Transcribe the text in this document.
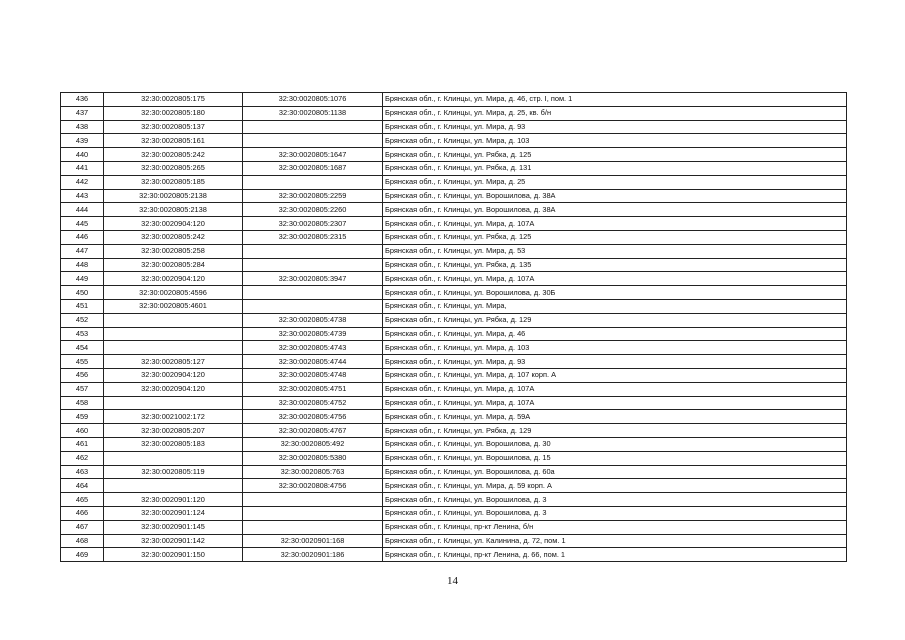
436	32:30:0020805:175	32:30:0020805:1076	Брянская обл., г. Клинцы, ул. Мира, д. 46, стр. I, пом. 1
437	32:30:0020805:180	32:30:0020805:1138	Брянская обл., г. Клинцы, ул. Мира, д. 25, кв. б/н
438	32:30:0020805:137		Брянская обл., г. Клинцы, ул. Мира, д. 93
439	32:30:0020805:161		Брянская обл., г. Клинцы, ул. Мира, д. 103
440	32:30:0020805:242	32:30:0020805:1647	Брянская обл., г. Клинцы, ул. Рябка, д. 125
441	32:30:0020805:265	32:30:0020805:1687	Брянская обл., г. Клинцы, ул. Рябка, д. 131
442	32:30:0020805:185		Брянская обл., г. Клинцы, ул. Мира, д. 25
443	32:30:0020805:2138	32:30:0020805:2259	Брянская обл., г. Клинцы, ул. Ворошилова, д. 38А
444	32:30:0020805:2138	32:30:0020805:2260	Брянская обл., г. Клинцы, ул. Ворошилова, д. 38А
445	32:30:0020904:120	32:30:0020805:2307	Брянская обл., г. Клинцы, ул. Мира, д. 107А
446	32:30:0020805:242	32:30:0020805:2315	Брянская обл., г. Клинцы, ул. Рябка, д. 125
447	32:30:0020805:258		Брянская обл., г. Клинцы, ул. Мира, д. 53
448	32:30:0020805:284		Брянская обл., г. Клинцы, ул. Рябка, д. 135
449	32:30:0020904:120	32:30:0020805:3947	Брянская обл., г. Клинцы, ул. Мира, д. 107А
450	32:30:0020805:4596		Брянская обл., г. Клинцы, ул. Ворошилова, д. 30Б
451	32:30:0020805:4601		Брянская обл., г. Клинцы, ул. Мира,
452		32:30:0020805:4738	Брянская обл., г. Клинцы, ул. Рябка, д. 129
453		32:30:0020805:4739	Брянская обл., г. Клинцы, ул. Мира, д. 46
454		32:30:0020805:4743	Брянская обл., г. Клинцы, ул. Мира, д. 103
455	32:30:0020805:127	32:30:0020805:4744	Брянская обл., г. Клинцы, ул. Мира, д. 93
456	32:30:0020904:120	32:30:0020805:4748	Брянская обл., г. Клинцы, ул. Мира, д. 107 корп. А
457	32:30:0020904:120	32:30:0020805:4751	Брянская обл., г. Клинцы, ул. Мира, д. 107А
458		32:30:0020805:4752	Брянская обл., г. Клинцы, ул. Мира, д. 107А
459	32:30:0021002:172	32:30:0020805:4756	Брянская обл., г. Клинцы, ул. Мира, д. 59А
460	32:30:0020805:207	32:30:0020805:4767	Брянская обл., г. Клинцы, ул. Рябка, д. 129
461	32:30:0020805:183	32:30:0020805:492	Брянская обл., г. Клинцы, ул. Ворошилова, д. 30
462		32:30:0020805:5380	Брянская обл., г. Клинцы, ул. Ворошилова, д. 15
463	32:30:0020805:119	32:30:0020805:763	Брянская обл., г. Клинцы, ул. Ворошилова, д. 60а
464		32:30:0020808:4756	Брянская обл., г. Клинцы, ул. Мира, д. 59 корп. А
465	32:30:0020901:120		Брянская обл., г. Клинцы, ул. Ворошилова, д. 3
466	32:30:0020901:124		Брянская обл., г. Клинцы, ул. Ворошилова, д. 3
467	32:30:0020901:145		Брянская обл., г. Клинцы, пр-кт Ленина, б/н
468	32:30:0020901:142	32:30:0020901:168	Брянская обл., г. Клинцы, ул. Калинина, д. 72, пом. 1
469	32:30:0020901:150	32:30:0020901:186	Брянская обл., г. Клинцы, пр-кт Ленина, д. 66, пом. 1
14
